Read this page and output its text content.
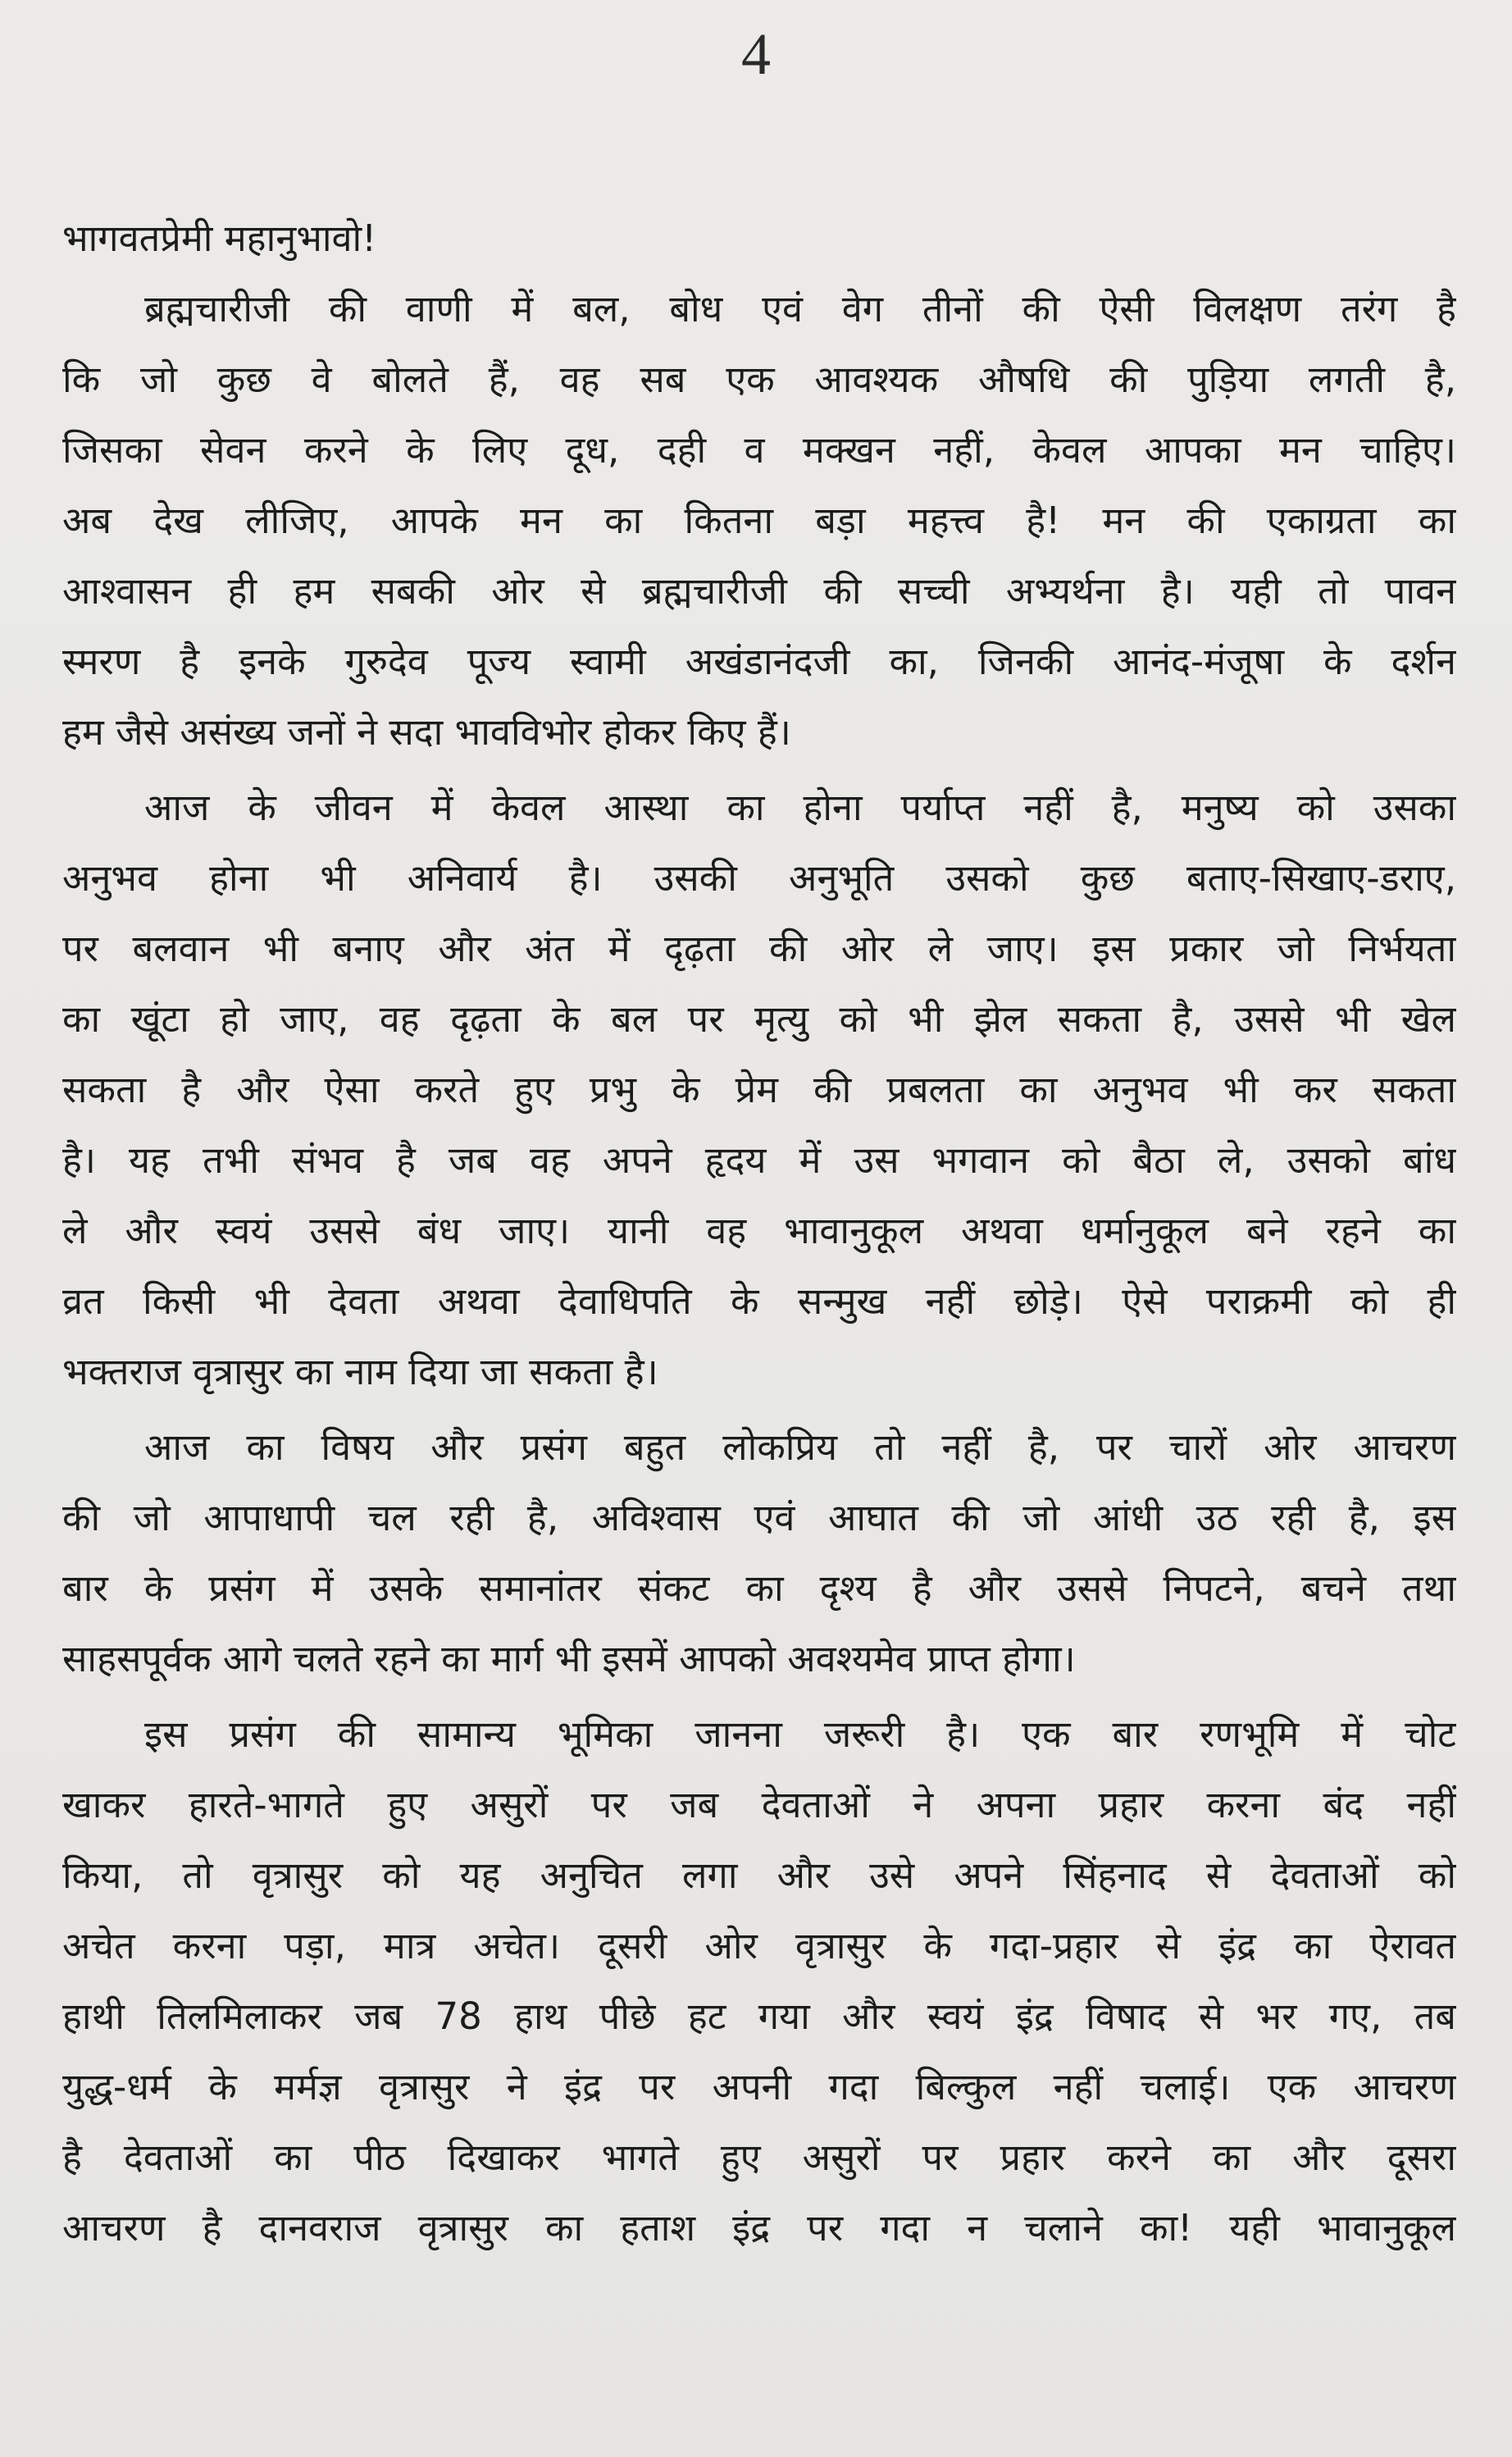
4
भागवतप्रेमी महानुभावो!

ब्रह्मचारीजी की वाणी में बल, बोध एवं वेग तीनों की ऐसी विलक्षण तरंग है
कि जो कुछ वे बोलते हैं, वह सब एक आवश्यक औषधि की पुड़िया लगती है,
जिसका सेवन करने के लिए दूध, दही व मक्खन नहीं, केवल आपका मन चाहिए।
अब देख लीजिए, आपके मन का कितना बड़ा महत्त्व है! मन की एकाग्रता का
आश्वासन ही हम सबकी ओर से ब्रह्मचारीजी की सच्ची अभ्यर्थना है। यही तो पावन
स्मरण है इनके गुरुदेव पूज्य स्वामी अखंडानंदजी का, जिनकी आनंद-मंजूषा के दर्शन
हम जैसे असंख्य जनों ने सदा भावविभोर होकर किए हैं।

आज के जीवन में केवल आस्था का होना पर्याप्त नहीं है, मनुष्य को उसका
अनुभव होना भी अनिवार्य है। उसकी अनुभूति उसको कुछ बताए-सिखाए-डराए,
पर बलवान भी बनाए और अंत में दृढ़ता की ओर ले जाए। इस प्रकार जो निर्भयता
का खूंटा हो जाए, वह दृढ़ता के बल पर मृत्यु को भी झेल सकता है, उससे भी खेल
सकता है और ऐसा करते हुए प्रभु के प्रेम की प्रबलता का अनुभव भी कर सकता
है। यह तभी संभव है जब वह अपने हृदय में उस भगवान को बैठा ले, उसको बांध
ले और स्वयं उससे बंध जाए। यानी वह भावानुकूल अथवा धर्मानुकूल बने रहने का
व्रत किसी भी देवता अथवा देवाधिपति के सन्मुख नहीं छोड़े। ऐसे पराक्रमी को ही
भक्तराज वृत्रासुर का नाम दिया जा सकता है।

आज का विषय और प्रसंग बहुत लोकप्रिय तो नहीं है, पर चारों ओर आचरण
की जो आपाधापी चल रही है, अविश्वास एवं आघात की जो आंधी उठ रही है, इस
बार के प्रसंग में उसके समानांतर संकट का दृश्य है और उससे निपटने, बचने तथा
साहसपूर्वक आगे चलते रहने का मार्ग भी इसमें आपको अवश्यमेव प्राप्त होगा।

इस प्रसंग की सामान्य भूमिका जानना जरूरी है। एक बार रणभूमि में चोट
खाकर हारते-भागते हुए असुरों पर जब देवताओं ने अपना प्रहार करना बंद नहीं
किया, तो वृत्रासुर को यह अनुचित लगा और उसे अपने सिंहनाद से देवताओं को
अचेत करना पड़ा, मात्र अचेत। दूसरी ओर वृत्रासुर के गदा-प्रहार से इंद्र का ऐरावत
हाथी तिलमिलाकर जब 78 हाथ पीछे हट गया और स्वयं इंद्र विषाद से भर गए, तब
युद्ध-धर्म के मर्मज्ञ वृत्रासुर ने इंद्र पर अपनी गदा बिल्कुल नहीं चलाई। एक आचरण
है देवताओं का पीठ दिखाकर भागते हुए असुरों पर प्रहार करने का और दूसरा
आचरण है दानवराज वृत्रासुर का हताश इंद्र पर गदा न चलाने का! यही भावानुकूल
